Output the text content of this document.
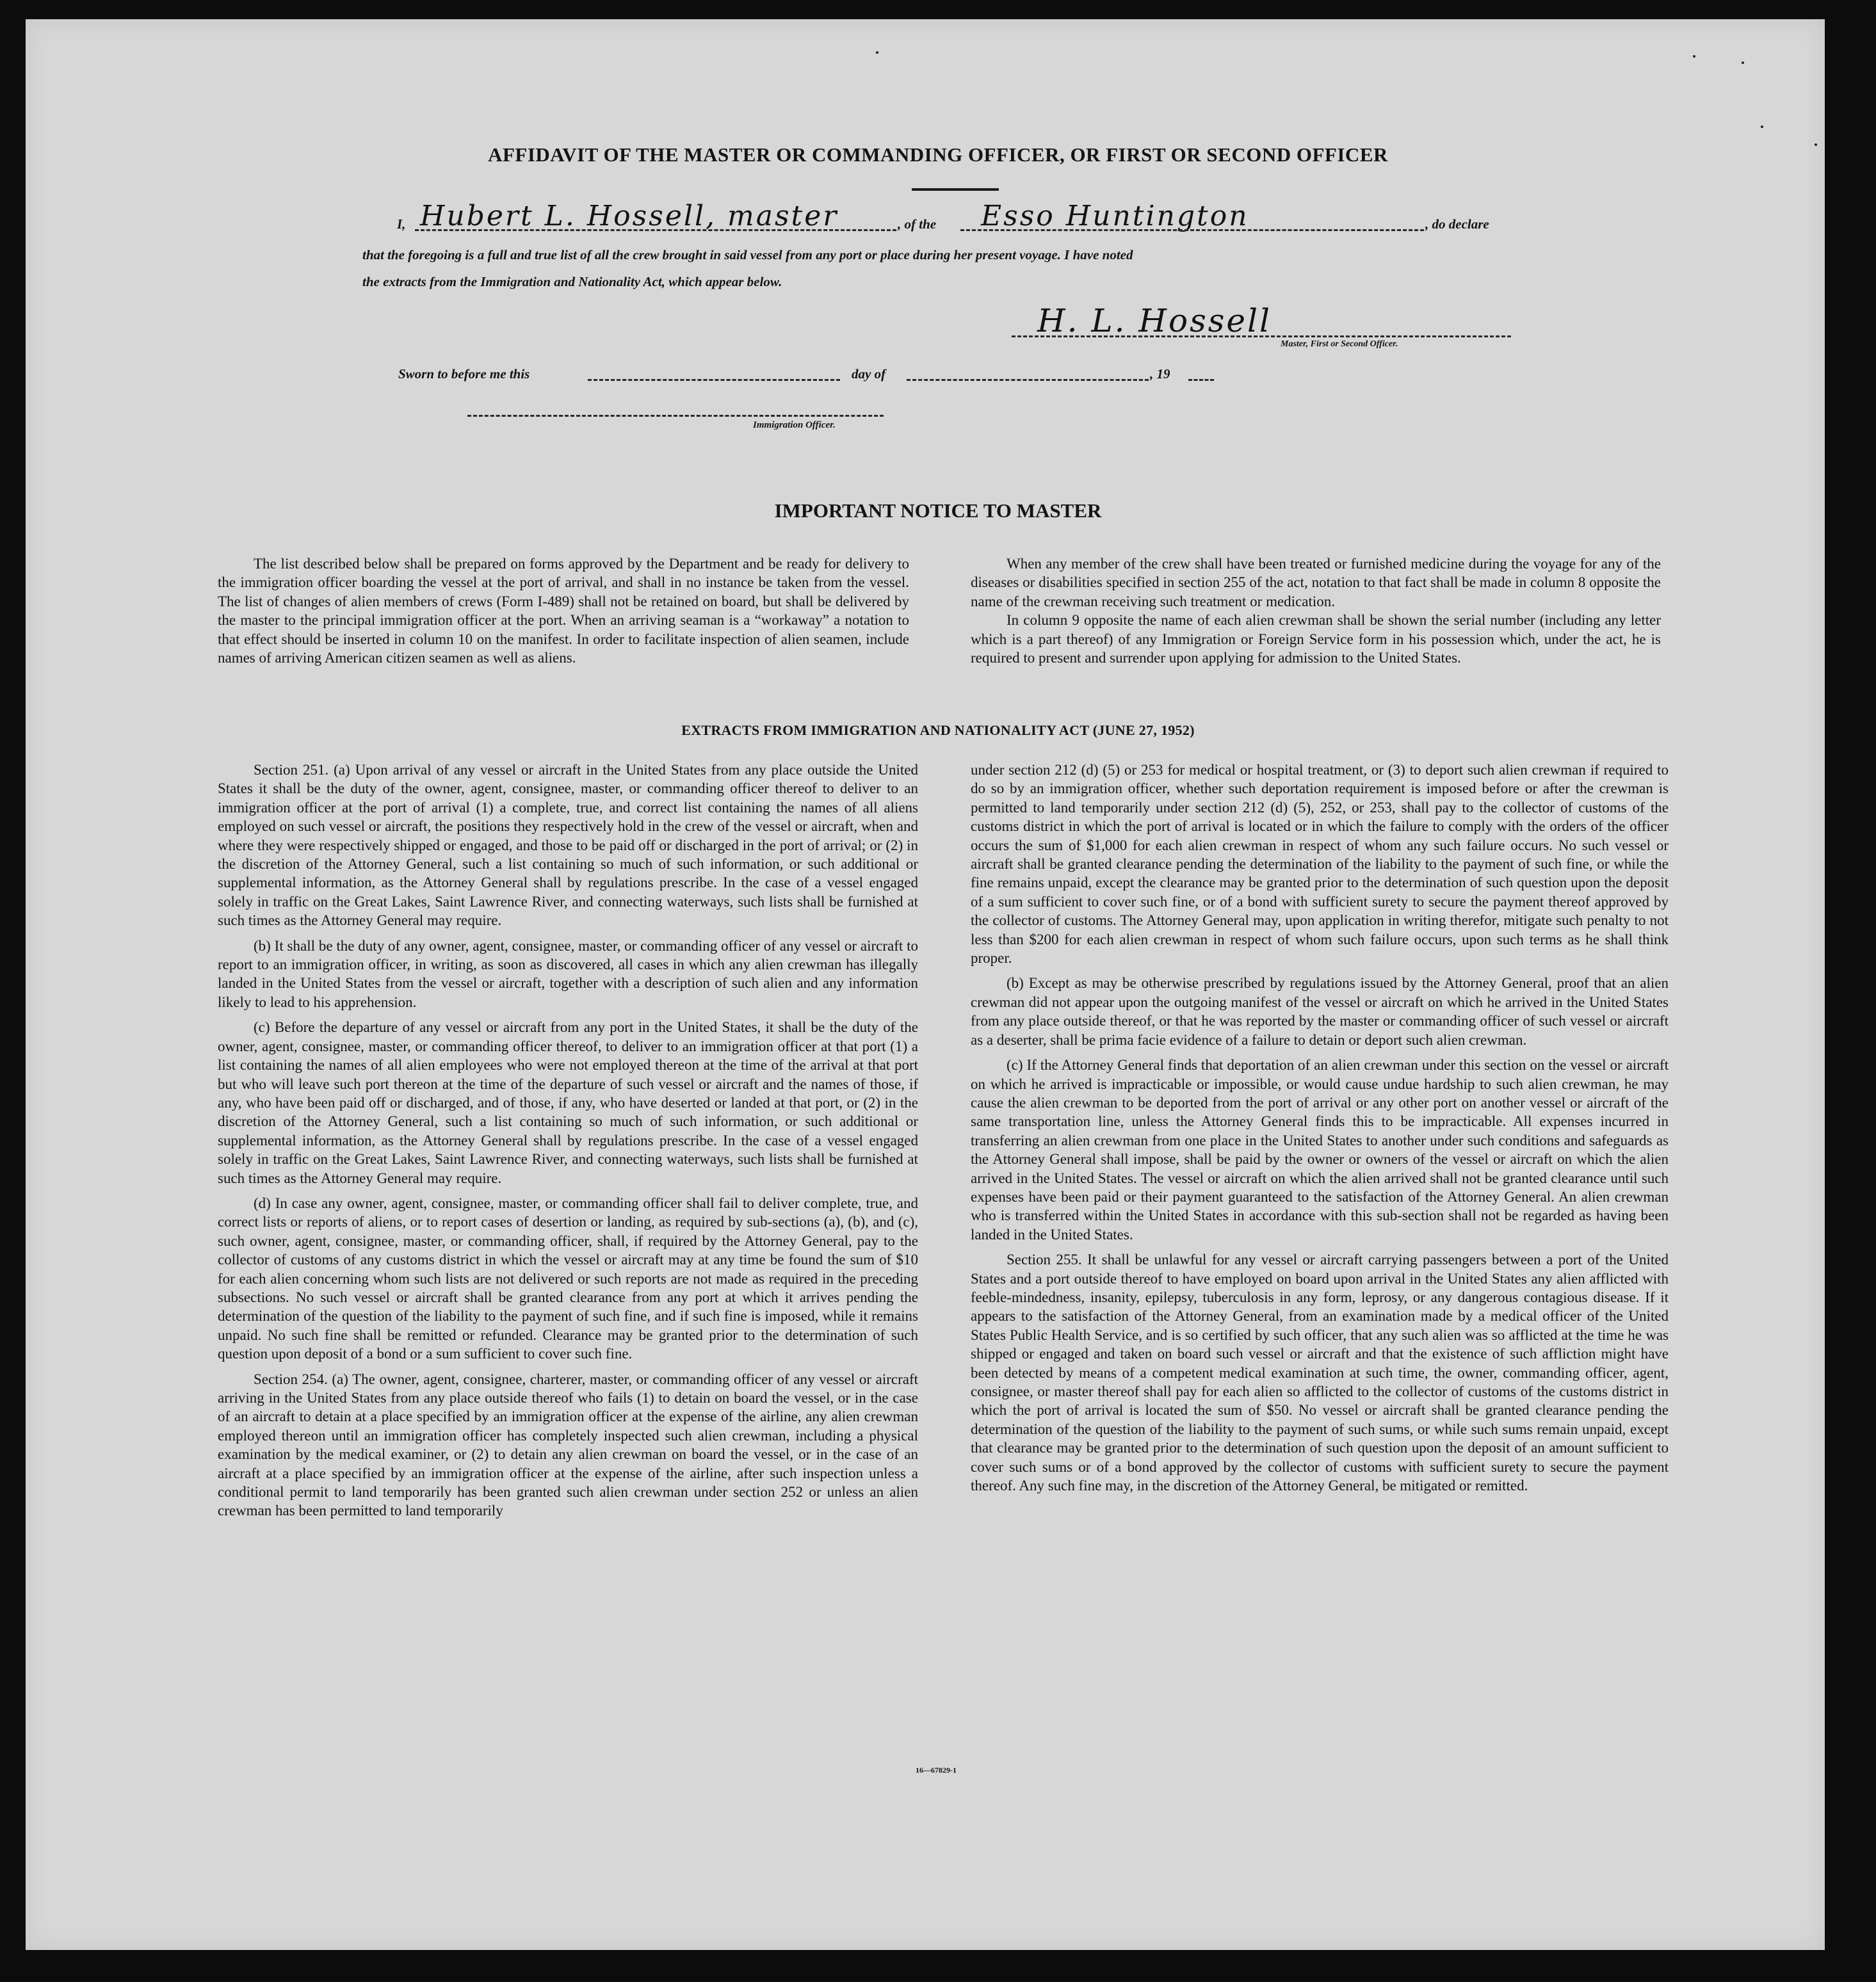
AFFIDAVIT OF THE MASTER OR COMMANDING OFFICER, OR FIRST OR SECOND OFFICER
I, Hubert L. Hossell, master	, of the Esso Huntington	, do declare
that the foregoing is a full and true list of all the crew brought in said vessel from any port or place during her present voyage. I have noted
the extracts from the Immigration and Nationality Act, which appear below.
H. L. Hossell
Master, First or Second Officer.
Sworn to before me this	day of	, 19
Immigration Officer.
IMPORTANT NOTICE TO MASTER

The list described below shall be prepared on forms approved by the Department and be ready for delivery to the immigration officer boarding the vessel at the port of arrival, and shall in no instance be taken from the vessel. The list of changes of alien members of crews (Form I-489) shall not be retained on board, but shall be delivered by the master to the principal immigration officer at the port. When an arriving seaman is a “workaway” a notation to that effect should be inserted in column 10 on the manifest. In order to facilitate inspection of alien seamen, include names of arriving American citizen seamen as well as aliens.

When any member of the crew shall have been treated or furnished medicine during the voyage for any of the diseases or disabilities specified in section 255 of the act, notation to that fact shall be made in column 8 opposite the name of the crewman receiving such treatment or medication.

In column 9 opposite the name of each alien crewman shall be shown the serial number (including any letter which is a part thereof) of any Immigration or Foreign Service form in his possession which, under the act, he is required to present and surrender upon applying for admission to the United States.

EXTRACTS FROM IMMIGRATION AND NATIONALITY ACT (JUNE 27, 1952)

Section 251. (a) Upon arrival of any vessel or aircraft in the United States from any place outside the United States it shall be the duty of the owner, agent, consignee, master, or commanding officer thereof to deliver to an immigration officer at the port of arrival (1) a complete, true, and correct list containing the names of all aliens employed on such vessel or aircraft, the positions they respectively hold in the crew of the vessel or aircraft, when and where they were respectively shipped or engaged, and those to be paid off or discharged in the port of arrival; or (2) in the discretion of the Attorney General, such a list containing so much of such information, or such additional or supplemental information, as the Attorney General shall by regulations prescribe. In the case of a vessel engaged solely in traffic on the Great Lakes, Saint Lawrence River, and connecting waterways, such lists shall be furnished at such times as the Attorney General may require.

(b) It shall be the duty of any owner, agent, consignee, master, or commanding officer of any vessel or aircraft to report to an immigration officer, in writing, as soon as discovered, all cases in which any alien crewman has illegally landed in the United States from the vessel or aircraft, together with a description of such alien and any information likely to lead to his apprehension.

(c) Before the departure of any vessel or aircraft from any port in the United States, it shall be the duty of the owner, agent, consignee, master, or commanding officer thereof, to deliver to an immigration officer at that port (1) a list containing the names of all alien employees who were not employed thereon at the time of the arrival at that port but who will leave such port thereon at the time of the departure of such vessel or aircraft and the names of those, if any, who have been paid off or discharged, and of those, if any, who have deserted or landed at that port, or (2) in the discretion of the Attorney General, such a list containing so much of such information, or such additional or supplemental information, as the Attorney General shall by regulations prescribe. In the case of a vessel engaged solely in traffic on the Great Lakes, Saint Lawrence River, and connecting waterways, such lists shall be furnished at such times as the Attorney General may require.

(d) In case any owner, agent, consignee, master, or commanding officer shall fail to deliver complete, true, and correct lists or reports of aliens, or to report cases of desertion or landing, as required by sub-sections (a), (b), and (c), such owner, agent, consignee, master, or commanding officer, shall, if required by the Attorney General, pay to the collector of customs of any customs district in which the vessel or aircraft may at any time be found the sum of $10 for each alien concerning whom such lists are not delivered or such reports are not made as required in the preceding subsections. No such vessel or aircraft shall be granted clearance from any port at which it arrives pending the determination of the question of the liability to the payment of such fine, and if such fine is imposed, while it remains unpaid. No such fine shall be remitted or refunded. Clearance may be granted prior to the determination of such question upon deposit of a bond or a sum sufficient to cover such fine.

Section 254. (a) The owner, agent, consignee, charterer, master, or commanding officer of any vessel or aircraft arriving in the United States from any place outside thereof who fails (1) to detain on board the vessel, or in the case of an aircraft to detain at a place specified by an immigration officer at the expense of the airline, any alien crewman employed thereon until an immigration officer has completely inspected such alien crewman, including a physical examination by the medical examiner, or (2) to detain any alien crewman on board the vessel, or in the case of an aircraft at a place specified by an immigration officer at the expense of the airline, after such inspection unless a conditional permit to land temporarily has been granted such alien crewman under section 252 or unless an alien crewman has been permitted to land temporarily

under section 212 (d) (5) or 253 for medical or hospital treatment, or (3) to deport such alien crewman if required to do so by an immigration officer, whether such deportation requirement is imposed before or after the crewman is permitted to land temporarily under section 212 (d) (5), 252, or 253, shall pay to the collector of customs of the customs district in which the port of arrival is located or in which the failure to comply with the orders of the officer occurs the sum of $1,000 for each alien crewman in respect of whom any such failure occurs. No such vessel or aircraft shall be granted clearance pending the determination of the liability to the payment of such fine, or while the fine remains unpaid, except the clearance may be granted prior to the determination of such question upon the deposit of a sum sufficient to cover such fine, or of a bond with sufficient surety to secure the payment thereof approved by the collector of customs. The Attorney General may, upon application in writing therefor, mitigate such penalty to not less than $200 for each alien crewman in respect of whom such failure occurs, upon such terms as he shall think proper.

(b) Except as may be otherwise prescribed by regulations issued by the Attorney General, proof that an alien crewman did not appear upon the outgoing manifest of the vessel or aircraft on which he arrived in the United States from any place outside thereof, or that he was reported by the master or commanding officer of such vessel or aircraft as a deserter, shall be prima facie evidence of a failure to detain or deport such alien crewman.

(c) If the Attorney General finds that deportation of an alien crewman under this section on the vessel or aircraft on which he arrived is impracticable or impossible, or would cause undue hardship to such alien crewman, he may cause the alien crewman to be deported from the port of arrival or any other port on another vessel or aircraft of the same transportation line, unless the Attorney General finds this to be impracticable. All expenses incurred in transferring an alien crewman from one place in the United States to another under such conditions and safeguards as the Attorney General shall impose, shall be paid by the owner or owners of the vessel or aircraft on which the alien arrived in the United States. The vessel or aircraft on which the alien arrived shall not be granted clearance until such expenses have been paid or their payment guaranteed to the satisfaction of the Attorney General. An alien crewman who is transferred within the United States in accordance with this sub-section shall not be regarded as having been landed in the United States.

Section 255. It shall be unlawful for any vessel or aircraft carrying passengers between a port of the United States and a port outside thereof to have employed on board upon arrival in the United States any alien afflicted with feeble-mindedness, insanity, epilepsy, tuberculosis in any form, leprosy, or any dangerous contagious disease. If it appears to the satisfaction of the Attorney General, from an examination made by a medical officer of the United States Public Health Service, and is so certified by such officer, that any such alien was so afflicted at the time he was shipped or engaged and taken on board such vessel or aircraft and that the existence of such affliction might have been detected by means of a competent medical examination at such time, the owner, commanding officer, agent, consignee, or master thereof shall pay for each alien so afflicted to the collector of customs of the customs district in which the port of arrival is located the sum of $50. No vessel or aircraft shall be granted clearance pending the determination of the question of the liability to the payment of such sums, or while such sums remain unpaid, except that clearance may be granted prior to the determination of such question upon the deposit of an amount sufficient to cover such sums or of a bond approved by the collector of customs with sufficient surety to secure the payment thereof. Any such fine may, in the discretion of the Attorney General, be mitigated or remitted.

16—67829-1
